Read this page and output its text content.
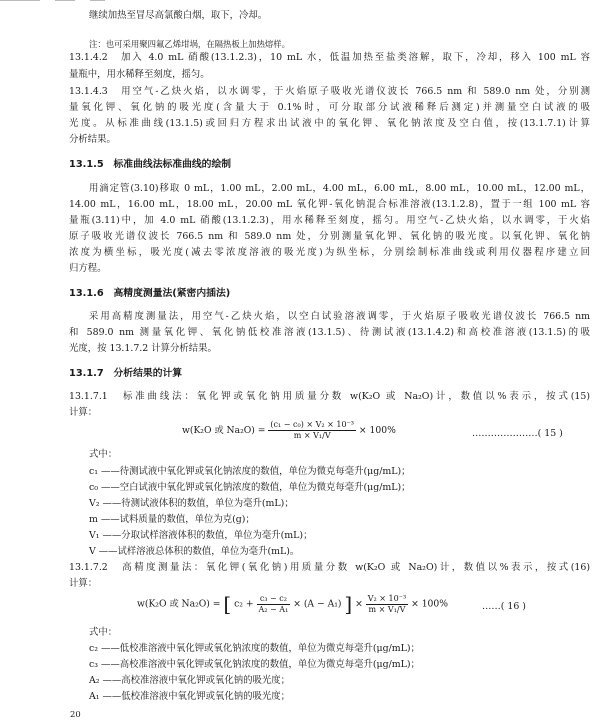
继续加热至冒尽高氯酸白烟，取下，冷却。
注：也可采用聚四氟乙烯坩埚，在隔热板上加热熔样。
13.1.4.2　加入 4.0 mL 硝酸(13.1.2.3)，10 mL 水，低温加热至盐类溶解，取下，冷却，移入 100 mL 容
量瓶中，用水稀释至刻度，摇匀。
13.1.4.3　用空气-乙炔火焰，以水调零，于火焰原子吸收光谱仪波长 766.5 nm 和 589.0 nm 处，分别测
量氧化钾、氧化钠的吸光度(含量大于 0.1%时，可分取部分试液稀释后测定)并测量空白试液的吸
光度。从标准曲线(13.1.5)或回归方程求出试液中的氧化钾、氧化钠浓度及空白值，按(13.1.7.1)计算
分析结果。
13.1.5　标准曲线法标准曲线的绘制
用滴定管(3.10)移取 0 mL，1.00 mL，2.00 mL，4.00 mL，6.00 mL，8.00 mL，10.00 mL，12.00 mL，
14.00 mL，16.00 mL，18.00 mL，20.00 mL 氧化钾-氧化钠混合标准溶液(13.1.2.8)，置于一组 100 mL 容
量瓶(3.11)中，加 4.0 mL 硝酸(13.1.2.3)，用水稀释至刻度，摇匀。用空气-乙炔火焰，以水调零，于火焰
原子吸收光谱仪波长 766.5 nm 和 589.0 nm 处，分别测量氧化钾、氧化钠的吸光度。以氧化钾、氧化钠
浓度为横坐标，吸光度(减去零浓度溶液的吸光度)为纵坐标，分别绘制标准曲线或利用仪器程序建立回
归方程。
13.1.6　高精度测量法(紧密内插法)
采用高精度测量法，用空气-乙炔火焰，以空白试验溶液调零，于火焰原子吸收光谱仪波长 766.5 nm
和 589.0 nm 测量氧化钾、氧化钠低校准溶液(13.1.5)、待测试液(13.1.4.2)和高校准溶液(13.1.5)的吸
光度，按 13.1.7.2 计算分析结果。
13.1.7　分析结果的计算
13.1.7.1　标准曲线法：氧化钾或氧化钠用质量分数 w(K₂O 或 Na₂O)计，数值以%表示，按式(15)
计算：
w(K₂O 或 $Na_2O) = \frac{\text{(c₁ − c₀) × V₂ × 10⁻³}}{\text{m × V₁/V}} \times 100\%$	…………………( 15 )
式中：
c₁ ——待测试液中氧化钾或氧化钠浓度的数值，单位为微克每毫升(μg/mL)；
c₀ ——空白试液中氧化钾或氧化钠浓度的数值，单位为微克每毫升(μg/mL)；
V₂ ——待测试液体积的数值，单位为毫升(mL)；
m ——试料质量的数值，单位为克(g)；
V₁ ——分取试样溶液体积的数值，单位为毫升(mL)；
V ——试样溶液总体积的数值，单位为毫升(mL)。
13.1.7.2　高精度测量法：氧化钾(氧化钠)用质量分数 w(K₂O 或 Na₂O)计，数值以%表示，按式(16)
计算：
w(K₂O 或 Na₂O) = [ $c_2 + \frac{\text{c₃ − c₂}}{\text{A₂ − A₁}} \times (A - A_1)$ ] × $\frac{\text{V₂ × 10⁻³}}{\text{m × V₁/V}} \times 100\%$	……( 16 )
式中：
c₂ ——低校准溶液中氧化钾或氧化钠浓度的数值，单位为微克每毫升(μg/mL)；
c₃ ——高校准溶液中氧化钾或氧化钠浓度的数值，单位为微克每毫升(μg/mL)；
A₂ ——高校准溶液中氧化钾或氧化钠的吸光度；
A₁ ——低校准溶液中氧化钾或氧化钠的吸光度；
20
